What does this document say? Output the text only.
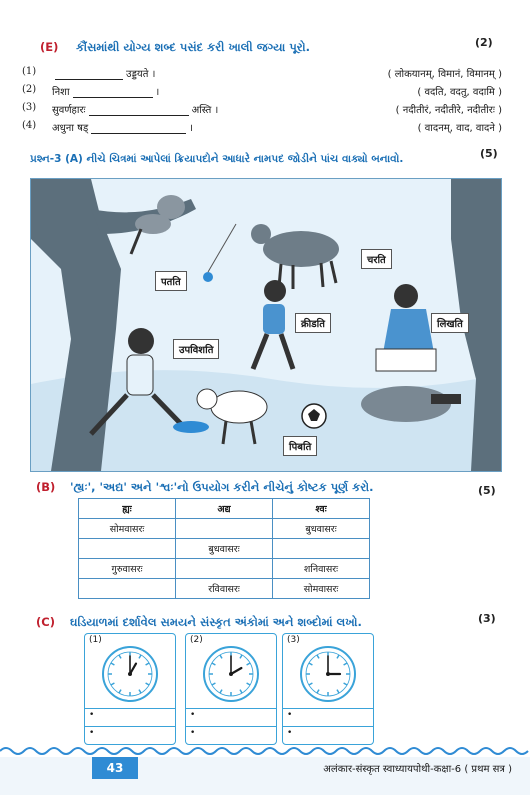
(E) કૌંસમાંથી યોગ્ય શબ્દ પસંદ કરી ખાલી જગ્યા પૂરો.	(2)
(1)	उड्डयते ।	( लोकयानम्, विमानं, विमानम् )
(2) निशा	।	( वदति, वदतु, वदामि )
(3) सुवर्णहारः	अस्ति ।	( नदीतीरं, नदीतीरे, नदीतीरः )
(4) अधुना षड्	।	( वादनम्, वाद, वादने )
પ્રશ્ન-3 (A) નીચે ચિત્રમાં આપેલાં ક્રિયાપદોને આધારે નામપદ જોડીને પાંચ વાક્યો બનાવો.	(5)
पतति
चरति
क्रीडति	लिखति
उपविशति
पिबति
(B) 'હ્યઃ', 'અદ્ય' અને 'શ્વઃ'નો ઉપયોગ કરીને નીચેનું કોષ્ટક પૂર્ણ કરો.	(5)
ह्यः	अद्य	श्वः
सोमवासरः		बुधवासरः
	बुधवासरः	
गुरुवासरः		शनिवासरः
	रविवासरः	सोमवासरः
(C) ઘડિયાળમાં દર્શાવેલ સમયને સંસ્કૃત અંકોમાં અને શબ્દોમાં લખો.	(3)
(1)
•
•
(2)
•
•
(3)
•
•
43	अलंकार-संस्कृत स्वाध्यायपोथी-कक्षा-6 ( प्रथम सत्र )
